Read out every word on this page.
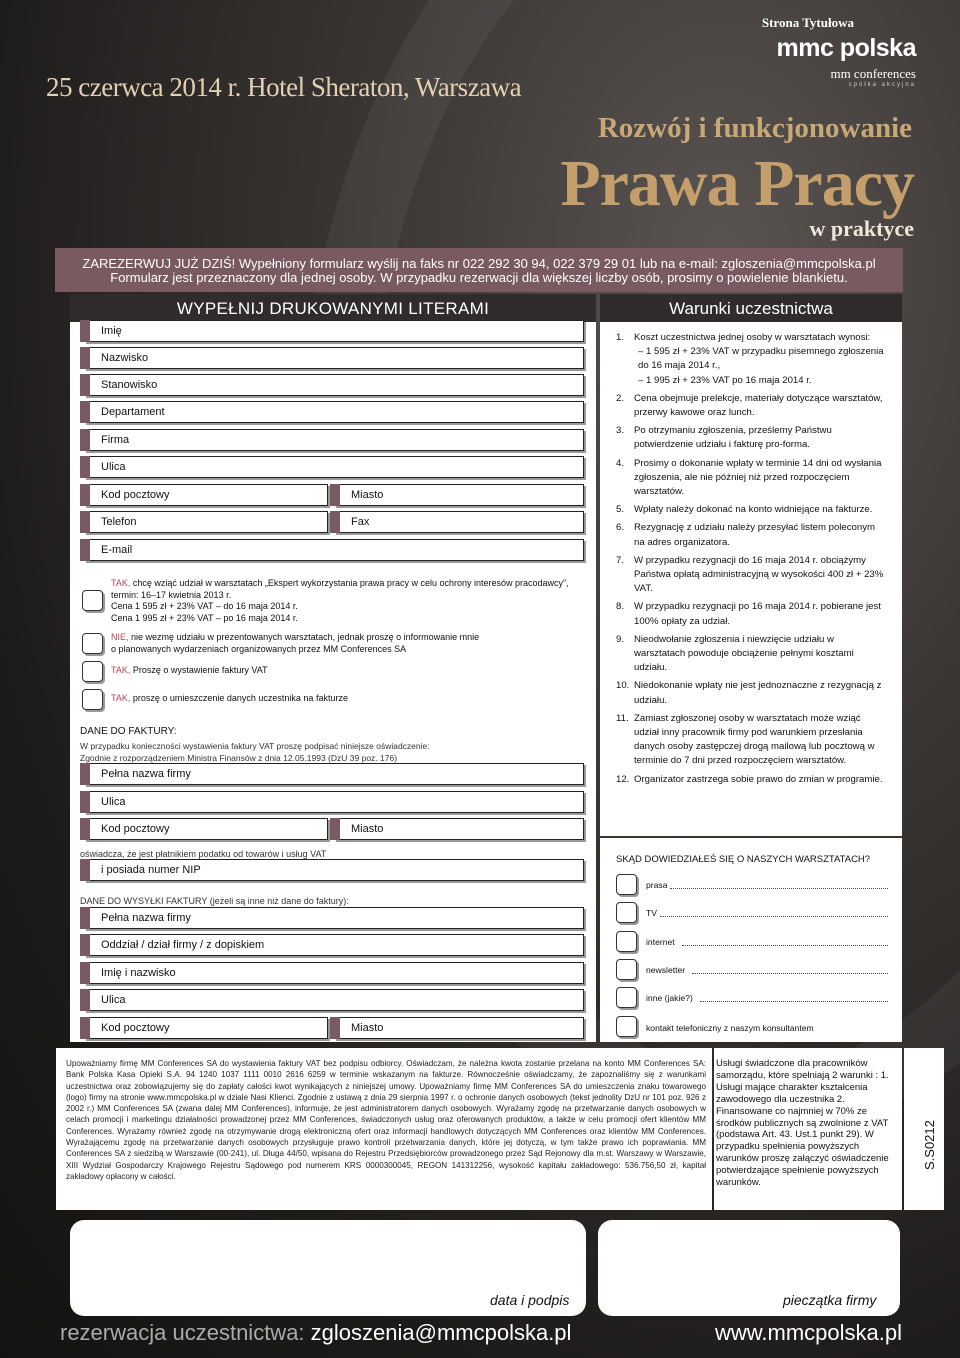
25 czerwca 2014 r. Hotel Sheraton, Warszawa
Strona Tytułowa
mmc polska
mm conferences
spółka akcyjna
Rozwój i funkcjonowanie
Prawa Pracy
w praktyce
ZAREZERWUJ JUŻ DZIŚ! Wypełniony formularz wyślij na faks nr 022 292 30 94, 022 379 29 01 lub na e-mail: zgloszenia@mmcpolska.pl
Formularz jest przeznaczony dla jednej osoby. W przypadku rezerwacji dla większej liczby osób, prosimy o powielenie blankietu.
WYPEŁNIJ DRUKOWANYMI LITERAMI
Imię
Nazwisko
Stanowisko
Departament
Firma
Ulica
Kod pocztowy	Miasto
Telefon	Fax
E-mail
TAK, chcę wziąć udział w warsztatach „Ekspert wykorzystania prawa pracy w celu ochrony interesów pracodawcy”,
termin: 16–17 kwietnia 2013 r.
Cena 1 595 zł + 23% VAT – do 16 maja 2014 r.
Cena 1 995 zł + 23% VAT – po 16 maja 2014 r.
NIE, nie wezmę udziału w prezentowanych warsztatach, jednak proszę o informowanie mnie
o planowanych wydarzeniach organizowanych przez MM Conferences SA
TAK, Proszę o wystawienie faktury VAT
TAK, proszę o umieszczenie danych uczestnika na fakturze
DANE DO FAKTURY:
W przypadku konieczności wystawienia faktury VAT proszę podpisać niniejsze oświadczenie:
Zgodnie z rozporządzeniem Ministra Finansów z dnia 12.05.1993 (DzU 39 poz. 176)
Pełna nazwa firmy
Ulica
Kod pocztowy	Miasto
oświadcza, że jest płatnikiem podatku od towarów i usług VAT
i posiada numer NIP
DANE DO WYSYŁKI FAKTURY (jeżeli są inne niż dane do faktury):
Pełna nazwa firmy
Oddział / dział firmy / z dopiskiem
Imię i nazwisko
Ulica
Kod pocztowy	Miasto
Warunki uczestnictwa
1. Koszt uczestnictwa jednej osoby w warsztatach wynosi:
– 1 595 zł + 23% VAT w przypadku pisemnego zgłoszenia do 16 maja 2014 r.,
– 1 995 zł + 23% VAT po 16 maja 2014 r.
2. Cena obejmuje prelekcje, materiały dotyczące warsztatów, przerwy kawowe oraz lunch.
3. Po otrzymaniu zgłoszenia, prześlemy Państwu potwierdzenie udziału i fakturę pro-forma.
4. Prosimy o dokonanie wpłaty w terminie 14 dni od wysłania zgłoszenia, ale nie później niż przed rozpoczęciem warsztatów.
5. Wpłaty należy dokonać na konto widniejące na fakturze.
6. Rezygnację z udziału należy przesyłać listem poleconym na adres organizatora.
7. W przypadku rezygnacji do 16 maja 2014 r. obciążymy Państwa opłatą administracyjną w wysokości 400 zł + 23% VAT.
8. W przypadku rezygnacji po 16 maja 2014 r. pobierane jest 100% opłaty za udział.
9. Nieodwołanie zgłoszenia i niewzięcie udziału w warsztatach powoduje obciążenie pełnymi kosztami udziału.
10. Niedokonanie wpłaty nie jest jednoznaczne z rezygnacją z udziału.
11. Zamiast zgłoszonej osoby w warsztatach może wziąć udział inny pracownik firmy pod warunkiem przesłania danych osoby zastępczej drogą mailową lub pocztową w terminie do 7 dni przed rozpoczęciem warsztatów.
12. Organizator zastrzega sobie prawo do zmian w programie.
SKĄD DOWIEDZIAŁEŚ SIĘ O NASZYCH WARSZTATACH?
prasa
TV
internet
newsletter
inne (jakie?)
kontakt telefoniczny z naszym konsultantem
Upoważniamy firmę MM Conferences SA do wystawienia faktury VAT bez podpisu odbiorcy. Oświadczam, że należna kwota zostanie przelana na konto MM Conferences SA: Bank Polska Kasa Opieki S.A. 94 1240 1037 1111 0010 2616 6259 w terminie wskazanym na fakturze. Równocześnie oświadczamy, że zapoznaliśmy się z warunkami uczestnictwa oraz zobowiązujemy się do zapłaty całości kwot wynikających z niniejszej umowy. Upoważniamy firmę MM Conferences SA do umieszczenia znaku towarowego (logo) firmy na stronie www.mmcpolska.pl w dziale Nasi Klienci. Zgodnie z ustawą z dnia 29 sierpnia 1997 r. o ochronie danych osobowych (tekst jednolity DzU nr 101 poz. 926 z 2002 r.) MM Conferences SA (zwana dalej MM Conferences), informuje, że jest administratorem danych osobowych. Wyrażamy zgodę na przetwarzanie danych osobowych w celach promocji i marketingu działalności prowadzonej przez MM Conferences, świadczonych usług oraz oferowanych produktów, a także w celu promocji ofert klientów MM Conferences. Wyrażamy również zgodę na otrzymywanie drogą elektroniczną ofert oraz informacji handlowych dotyczących MM Conferences oraz klientów MM Conferences. Wyrażającemu zgodę na przetwarzanie danych osobowych przysługuje prawo kontroli przetwarzania danych, które jej dotyczą, w tym także prawo ich poprawiania. MM Conferences SA z siedzibą w Warszawie (00-241), ul. Długa 44/50, wpisana do Rejestru Przedsiębiorców prowadzonego przez Sąd Rejonowy dla m.st. Warszawy w Warszawie, XIII Wydział Gospodarczy Krajowego Rejestru Sądowego pod numerem KRS 0000300045, REGON 141312256, wysokość kapitału zakładowego: 536.756,50 zł, kapitał zakładowy opłacony w całości.
Usługi świadczone dla pracowników samorządu, które spełniają 2 warunki : 1. Usługi mające charakter kształcenia zawodowego dla uczestnika 2. Finansowane co najmniej w 70% ze środków publicznych są zwolnione z VAT (podstawa Art. 43. Ust.1 punkt 29). W przypadku spełnienia powyższych warunków proszę załączyć oświadczenie potwierdzające spełnienie powyższych warunków.
S.S0212
data i podpis	pieczątka firmy
rezerwacja uczestnictwa: zgloszenia@mmcpolska.pl	www.mmcpolska.pl
